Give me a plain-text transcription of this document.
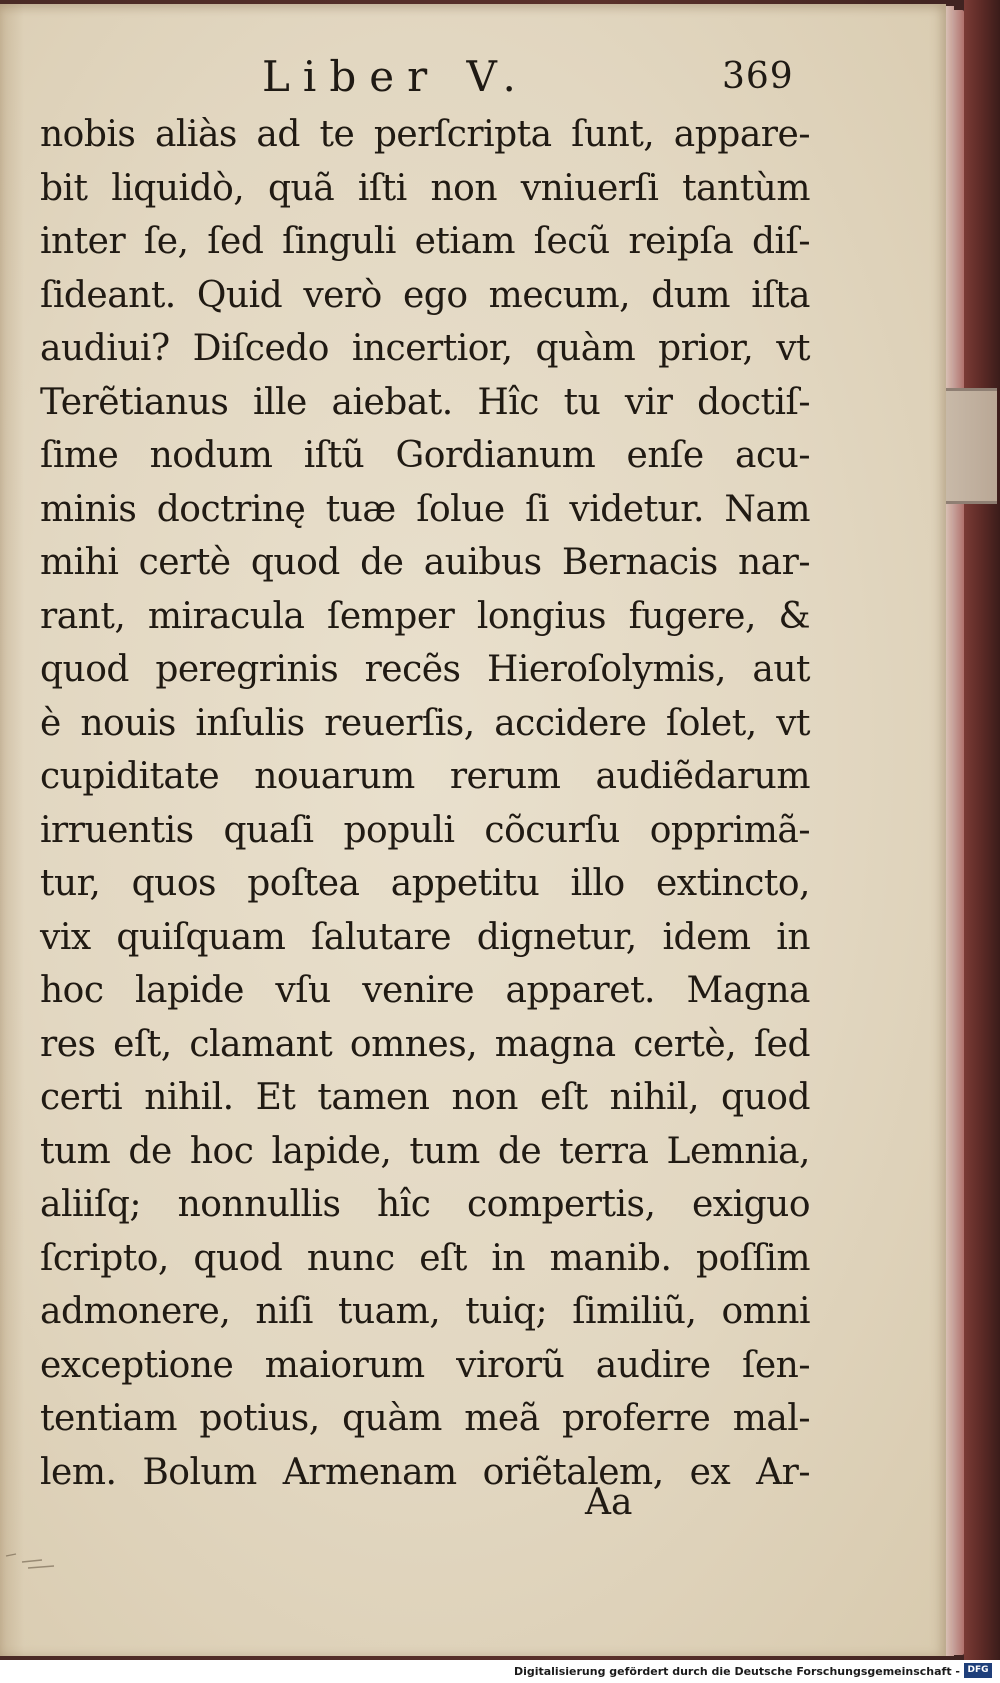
Liber V.	369
nobis aliàs ad te perſcripta ſunt, appare-
bit liquidò, quã iſti non vniuerſi tantùm
inter ſe, ſed ſinguli etiam ſecũ reipſa diſ-
ſideant. Quid verò ego mecum, dum iſta
audiui? Diſcedo incertior, quàm prior, vt
Terẽtianus ille aiebat. Hîc tu vir doctiſ-
ſime nodum iſtũ Gordianum enſe acu-
minis doctrinę tuæ ſolue ſi videtur. Nam
mihi certè quod de auibus Bernacis nar-
rant, miracula ſemper longius fugere, &
quod peregrinis recẽs Hieroſolymis, aut
è nouis inſulis reuerſis, accidere ſolet, vt
cupiditate nouarum rerum audiẽdarum
irruentis quaſi populi cõcurſu opprimã-
tur, quos poſtea appetitu illo extincto,
vix quiſquam ſalutare dignetur, idem in
hoc lapide vſu venire apparet. Magna
res eſt, clamant omnes, magna certè, ſed
certi nihil. Et tamen non eſt nihil, quod
tum de hoc lapide, tum de terra Lemnia,
aliiſq; nonnullis hîc compertis, exiguo
ſcripto, quod nunc eſt in manib. poſſim
admonere, niſi tuam, tuiq; ſimiliũ, omni
exceptione maiorum virorũ audire ſen-
tentiam potius, quàm meã proferre mal-
lem. Bolum Armenam oriẽtalem, ex Ar-
Aa
Digitalisierung gefördert durch die Deutsche Forschungsgemeinschaft - DFG
